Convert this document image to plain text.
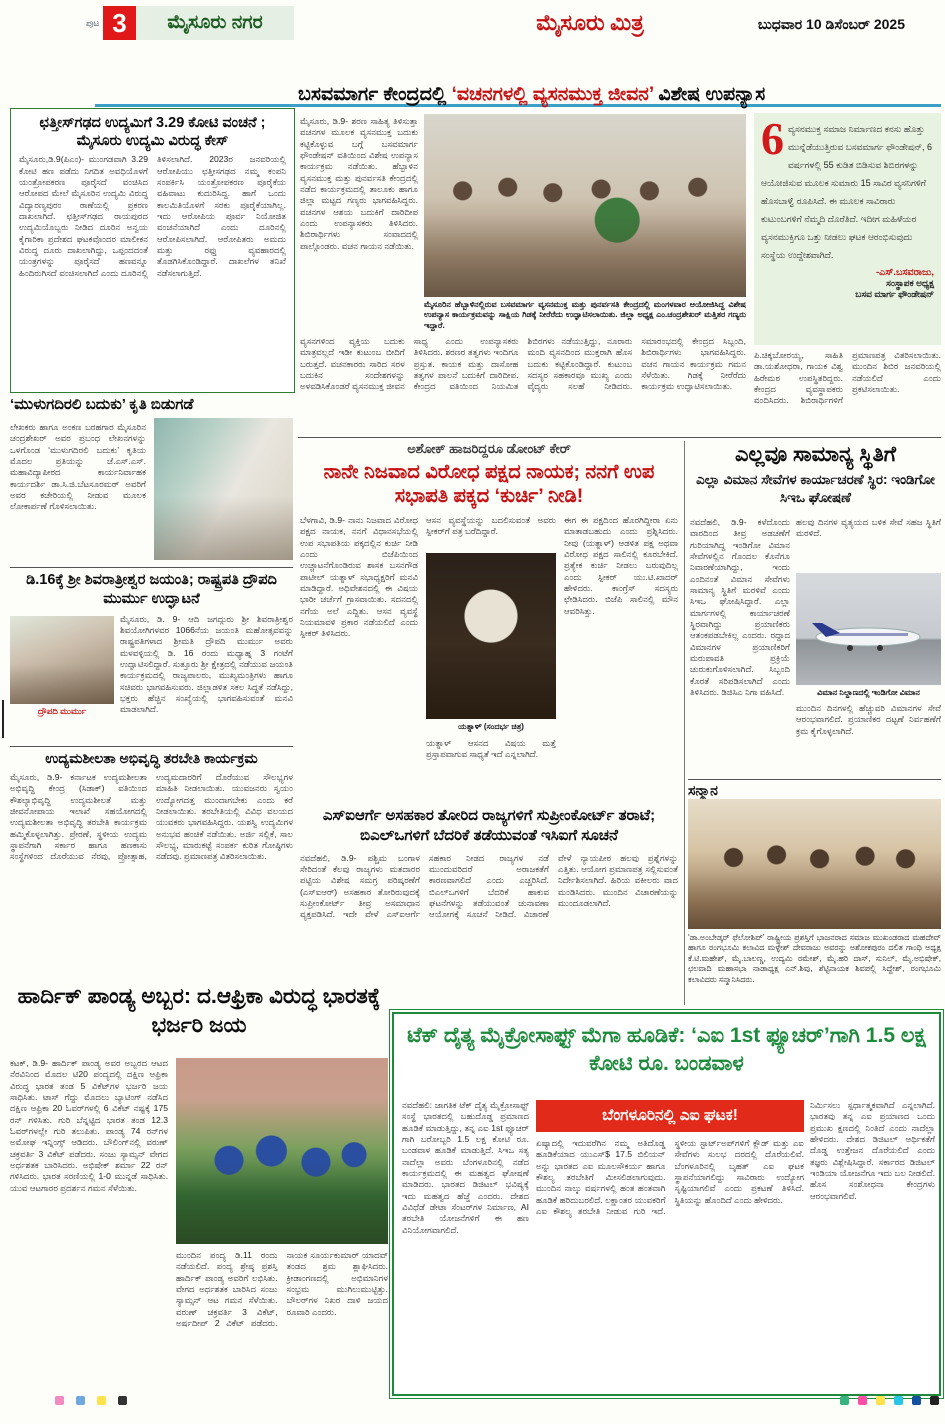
ಪುಟ 3	ಮೈಸೂರು ನಗರ	ಮೈಸೂರು ಮಿತ್ರ	ಬುಧವಾರ 10 ಡಿಸೆಂಬರ್ 2025
ಛತ್ತೀಸ್‌ಗಢದ ಉದ್ಯಮಿಗೆ 3.29 ಕೋಟಿ ವಂಚನೆ ; ಮೈಸೂರು ಉದ್ಯಮಿ ವಿರುದ್ಧ ಕೇಸ್
ಮೈಸೂರು,ಡಿ.9(ಪಿಎಂ)- ಮುಂಗಡವಾಗಿ 3.29 ಕೋಟಿ ಹಣ ಪಡೆದು ನಿಗದಿತ ಅವಧಿಯೊಳಗೆ ಯಂತ್ರೋಪಕರಣ ಪೂರೈಸದೆ ವಂಚಿಸಿದ ಆರೋಪದ ಮೇಲೆ ಮೈಸೂರಿನ ಉದ್ಯಮಿ ವಿರುದ್ಧ ವಿದ್ಯಾರಣ್ಯಪುರಂ ಠಾಣೆಯಲ್ಲಿ ಪ್ರಕರಣ ದಾಖಲಾಗಿದೆ. ಛತ್ತೀಸ್‌ಗಢದ ರಾಯಪುರದ ಉದ್ಯಮಿಯೊಬ್ಬರು ನೀಡಿದ ದೂರಿನ ಅನ್ವಯ ಕೈಗಾರಿಕಾ ಪ್ರದೇಶದ ಘಟಕವೊಂದರ ಮಾಲೀಕನ ವಿರುದ್ಧ ದೂರು ದಾಖಲಾಗಿದ್ದು, ಒಪ್ಪಂದದಂತೆ ಯಂತ್ರಗಳನ್ನು ಪೂರೈಸದೆ ಹಣವನ್ನೂ ಹಿಂದಿರುಗಿಸದೆ ವಂಚಿಸಲಾಗಿದೆ ಎಂದು ದೂರಿನಲ್ಲಿ ತಿಳಿಸಲಾಗಿದೆ. 2023ರ ಜನವರಿಯಲ್ಲಿ ಆರೋಪಿಯು ಛತ್ತೀಸಗಢದ ನಮ್ಮ ಕಂಪನಿ ಸಂಪರ್ಕಿಸಿ ಯಂತ್ರೋಪಕರಣ ಪೂರೈಕೆಯ ವಹಿವಾಟು ಕುದುರಿಸಿದ್ದ. ಹಾಗೆ ಒಂದು ಕಾಲಮಿತಿಯೊಳಗೆ ಸರಕು ಪೂರೈಕೆಯಾಗಿಲ್ಲ. ಇದು ಆರೋಪಿಯ ಪೂರ್ವ ನಿಯೋಜಿತ ವಂಚನೆಯಾಗಿದೆ ಎಂದು ದೂರಿನಲ್ಲಿ ಆರೋಪಿಸಲಾಗಿದೆ. ಆರೋಪಿತರು ಅಮದು ಮತ್ತು ರಫ್ತು ವ್ಯವಹಾರದಲ್ಲಿ ತೊಡಗಿಸಿಕೊಂಡಿದ್ದಾರೆ. ದಾಖಲೆಗಳ ತನಿಖೆ ನಡೆಸಲಾಗುತ್ತಿದೆ.
‘ಮುಳುಗದಿರಲಿ ಬದುಕು’ ಕೃತಿ ಬಿಡುಗಡೆ
ಲೇಖಕರು ಹಾಗೂ ಅಂಕಣ ಬರಹಗಾರ ಮೈಸೂರಿನ ಚಂದ್ರಶೇಖರ್ ಅವರ ಪ್ರಬಂಧ ಲೇಖನಗಳನ್ನು ಒಳಗೊಂಡ ‘ಮುಳುಗದಿರಲಿ ಬದುಕು’ ಕೃತಿಯ ಮೊದಲ ಪ್ರತಿಯನ್ನು ಜೆ.ಎಸ್.ಎಸ್. ಮಹಾವಿದ್ಯಾಪೀಠದ ಕಾರ್ಯನಿರ್ವಾಹಕ ಕಾರ್ಯದರ್ಶಿ ಡಾ.ಸಿ.ಜಿ.ಬೆಟಸೂರಮಠ್ ಅವರಿಗೆ ಅವರ ಕಚೇರಿಯಲ್ಲಿ ನೀಡುವ ಮೂಲಕ ಲೋಕಾರ್ಪಣೆ ಗೊಳಿಸಲಾಯಿತು.
ಡಿ.16ಕ್ಕೆ ಶ್ರೀ ಶಿವರಾತ್ರೀಶ್ವರ ಜಯಂತಿ; ರಾಷ್ಟ್ರಪತಿ ದ್ರೌಪದಿ ಮುರ್ಮು ಉದ್ಘಾಟನೆ
ದ್ರೌಪದಿ ಮುರ್ಮು
ಮೈಸೂರು, ಡಿ. 9- ಆದಿ ಜಗದ್ಗುರು ಶ್ರೀ ಶಿವರಾತ್ರೀಶ್ವರ ಶಿವಯೋಗಿಗಳವರ 1066ನೆಯ ಜಯಂತಿ ಮಹೋತ್ಸವವನ್ನು ರಾಷ್ಟ್ರಪತಿಗಳಾದ ಶ್ರೀಮತಿ ದ್ರೌಪದಿ ಮುರ್ಮು ಅವರು ಮಳವಳ್ಳಿಯಲ್ಲಿ ಡಿ. 16 ರಂದು ಮಧ್ಯಾಹ್ನ 3 ಗಂಟೆಗೆ ಉದ್ಘಾಟಿಸಲಿದ್ದಾರೆ. ಸುತ್ತೂರು ಶ್ರೀ ಕ್ಷೇತ್ರದಲ್ಲಿ ನಡೆಯುವ ಜಯಂತಿ ಕಾರ್ಯಕ್ರಮದಲ್ಲಿ ರಾಜ್ಯಪಾಲರು, ಮುಖ್ಯಮಂತ್ರಿಗಳು ಹಾಗೂ ಸಚಿವರು ಭಾಗವಹಿಸುವರು. ಜಿಲ್ಲಾಡಳಿತ ಸಕಲ ಸಿದ್ಧತೆ ನಡೆಸಿದ್ದು, ಭಕ್ತರು ಹೆಚ್ಚಿನ ಸಂಖ್ಯೆಯಲ್ಲಿ ಭಾಗವಹಿಸುವಂತೆ ಮನವಿ ಮಾಡಲಾಗಿದೆ.
ಉದ್ಯಮಶೀಲತಾ ಅಭಿವೃದ್ಧಿ ತರಬೇತಿ ಕಾರ್ಯಕ್ರಮ
ಮೈಸೂರು, ಡಿ.9- ಕರ್ನಾಟಕ ಉದ್ಯಮಶೀಲತಾ ಅಭಿವೃದ್ಧಿ ಕೇಂದ್ರ (ಸಿಡಾಕ್) ವತಿಯಿಂದ ಕೌಶಲ್ಯಾಭಿವೃದ್ಧಿ ಉದ್ಯಮಶೀಲತೆ ಮತ್ತು ಜೀವನೋಪಾಯ ಇಲಾಖೆ ಸಹಯೋಗದಲ್ಲಿ ಉದ್ಯಮಶೀಲತಾ ಅಭಿವೃದ್ಧಿ ತರಬೇತಿ ಕಾರ್ಯಕ್ರಮ ಹಮ್ಮಿಕೊಳ್ಳಲಾಗಿತ್ತು. ಪ್ರೇರಣೆ, ಸ್ಥಳೀಯ ಉದ್ಯಮ ಸ್ಥಾಪನೆಗಾಗಿ ಸರ್ಕಾರ ಹಾಗೂ ಹಣಕಾಸು ಸಂಸ್ಥೆಗಳಿಂದ ದೊರೆಯುವ ನೆರವು, ಪ್ರೋತ್ಸಾಹ, ಉದ್ಯಮದಾರರಿಗೆ ದೊರೆಯುವ ಸೌಲಭ್ಯಗಳ ಮಾಹಿತಿ ನೀಡಲಾಯಿತು. ಯುವಜನರು ಸ್ವಯಂ ಉದ್ಯೋಗದತ್ತ ಮುಂದಾಗಬೇಕು ಎಂದು ಕರೆ ನೀಡಲಾಯಿತು. ತರಬೇತಿಯಲ್ಲಿ ವಿವಿಧ ವಲಯದ ಯುವಕರು ಭಾಗವಹಿಸಿದ್ದರು. ಯಶಸ್ವಿ ಉದ್ಯಮಿಗಳ ಅನುಭವ ಹಂಚಿಕೆ ನಡೆಯಿತು. ಅರ್ಜಿ ಸಲ್ಲಿಕೆ, ಸಾಲ ಸೌಲಭ್ಯ, ಮಾರುಕಟ್ಟೆ ಸಂಪರ್ಕ ಕುರಿತ ಗೋಷ್ಠಿಗಳು ನಡೆದವು. ಪ್ರಮಾಣಪತ್ರ ವಿತರಿಸಲಾಯಿತು.
ಹಾರ್ದಿಕ್ ಪಾಂಡ್ಯ ಅಬ್ಬರ: ದ.ಆಫ್ರಿಕಾ ವಿರುದ್ಧ ಭಾರತಕ್ಕೆ ಭರ್ಜರಿ ಜಯ
ಕಟಕ್, ಡಿ.9- ಹಾರ್ದಿಕ್ ಪಾಂಡ್ಯ ಅವರ ಅಬ್ಬರದ ಆಟದ ನೆರವಿನಿಂದ ಮೊದಲ ಟಿ20 ಪಂದ್ಯದಲ್ಲಿ ದಕ್ಷಿಣ ಆಫ್ರಿಕಾ ವಿರುದ್ಧ ಭಾರತ ತಂಡ 5 ವಿಕೆಟ್‌ಗಳ ಭರ್ಜರಿ ಜಯ ಸಾಧಿಸಿತು. ಟಾಸ್ ಗೆದ್ದು ಮೊದಲು ಬ್ಯಾಟಿಂಗ್ ನಡೆಸಿದ ದಕ್ಷಿಣ ಆಫ್ರಿಕಾ 20 ಓವರ್‌ಗಳಲ್ಲಿ 6 ವಿಕೆಟ್ ನಷ್ಟಕ್ಕೆ 175 ರನ್ ಗಳಿಸಿತು. ಗುರಿ ಬೆನ್ನಟ್ಟಿದ ಭಾರತ ತಂಡ 12.3 ಓವರ್‌ಗಳಲ್ಲೇ ಗುರಿ ತಲುಪಿತು. ಪಾಂಡ್ಯ 74 ರನ್‌ಗಳ ಅಮೋಘ ಇನ್ನಿಂಗ್ಸ್ ಆಡಿದರು. ಬೌಲಿಂಗ್‌ನಲ್ಲಿ ವರುಣ್ ಚಕ್ರವರ್ತಿ 3 ವಿಕೆಟ್ ಪಡೆದರು. ಸಂಜು ಸ್ಯಾಮ್ಸನ್ ವೇಗದ ಅರ್ಧಶತಕ ಬಾರಿಸಿದರು. ಅಭಿಷೇಕ್ ಶರ್ಮಾ 22 ರನ್ ಗಳಿಸಿದರು. ಭಾರತ ಸರಣಿಯಲ್ಲಿ 1-0 ಮುನ್ನಡೆ ಸಾಧಿಸಿತು. ಯುವ ಆಟಗಾರರ ಪ್ರದರ್ಶನ ಗಮನ ಸೆಳೆಯಿತು.
ಮುಂದಿನ ಪಂದ್ಯ ಡಿ.11 ರಂದು ನಡೆಯಲಿದೆ. ಪಂದ್ಯ ಶ್ರೇಷ್ಠ ಪ್ರಶಸ್ತಿ ಹಾರ್ದಿಕ್ ಪಾಂಡ್ಯ ಅವರಿಗೆ ಲಭಿಸಿತು. ವೇಗದ ಅರ್ಧಶತಕ ಬಾರಿಸಿದ ಸಂಜು ಸ್ಯಾಮ್ಸನ್ ಆಟ ಗಮನ ಸೆಳೆಯಿತು. ವರುಣ್ ಚಕ್ರವರ್ತಿ 3 ವಿಕೆಟ್, ಅರ್ಷದೀಪ್ 2 ವಿಕೆಟ್ ಪಡೆದರು. ನಾಯಕ ಸೂರ್ಯಕುಮಾರ್ ಯಾದವ್ ತಂಡದ ಶ್ರಮ ಶ್ಲಾಘಿಸಿದರು. ಕ್ರೀಡಾಂಗಣದಲ್ಲಿ ಅಭಿಮಾನಿಗಳ ಸಂಭ್ರಮ ಮುಗಿಲುಮುಟ್ಟಿತ್ತು. ಬೌಲರ್‌ಗಳ ನಿಖರ ದಾಳಿ ಜಯದ ರೂವಾರಿ ಎಂದರು.
ಬಸವಮಾರ್ಗ ಕೇಂದ್ರದಲ್ಲಿ ‘ವಚನಗಳಲ್ಲಿ ವ್ಯಸನಮುಕ್ತ ಜೀವನ’ ವಿಶೇಷ ಉಪನ್ಯಾಸ
ಮೈಸೂರು, ಡಿ.9- ಶರಣ ಸಾಹಿತ್ಯ ತಿಳಿಸುತ್ತಾ ವಚನಗಳ ಮೂಲಕ ವ್ಯಸನಮುಕ್ತ ಬದುಕು ಕಟ್ಟಿಕೊಳ್ಳುವ ಬಗ್ಗೆ ಬಸವಮಾರ್ಗ ಫೌಂಡೇಷನ್ ವತಿಯಿಂದ ವಿಶೇಷ ಉಪನ್ಯಾಸ ಕಾರ್ಯಕ್ರಮ ನಡೆಯಿತು. ಹೆಬ್ಬಾಳಿನ ವ್ಯಸನಮುಕ್ತ ಮತ್ತು ಪುನರ್ವಸತಿ ಕೇಂದ್ರದಲ್ಲಿ ನಡೆದ ಕಾರ್ಯಕ್ರಮದಲ್ಲಿ ತಾಲೂಕು ಹಾಗೂ ಜಿಲ್ಲಾ ಮಟ್ಟದ ಗಣ್ಯರು ಭಾಗವಹಿಸಿದ್ದರು. ವಚನಗಳ ಆಶಯ ಬದುಕಿಗೆ ದಾರಿದೀಪ ಎಂದು ಉಪನ್ಯಾಸಕರು ತಿಳಿಸಿದರು. ಶಿಬಿರಾರ್ಥಿಗಳು ಸಂವಾದದಲ್ಲಿ ಪಾಲ್ಗೊಂಡರು. ವಚನ ಗಾಯನ ನಡೆಯಿತು.
ಮೈಸೂರಿನ ಹೆಬ್ಬಾಳಿನಲ್ಲಿರುವ ಬಸವಮಾರ್ಗ ವ್ಯಸನಮುಕ್ತ ಮತ್ತು ಪುನರ್ವಸತಿ ಕೇಂದ್ರದಲ್ಲಿ ಮಂಗಳವಾರ ಆಯೋಜಿಸಿದ್ದ ವಿಶೇಷ ಉಪನ್ಯಾಸ ಕಾರ್ಯಕ್ರಮವನ್ನು ಸಾಕ್ಷಿಯ ಗಿಡಕ್ಕೆ ನೀರೆರೆದು ಉದ್ಘಾಟಿಸಲಾಯಿತು. ಜಿಲ್ಲಾ ಅಧ್ಯಕ್ಷ ಎಂ.ಚಂದ್ರಶೇಖರ್ ಮತ್ತಿತರ ಗಣ್ಯರು ಇದ್ದಾರೆ.
ವ್ಯಸನಗಳಿಂದ ವ್ಯಕ್ತಿಯ ಬದುಕು ಮಾತ್ರವಲ್ಲದೆ ಇಡೀ ಕುಟುಂಬ ಬೀದಿಗೆ ಬರುತ್ತದೆ. ವಚನಕಾರರು ಸಾರಿದ ಸರಳ ಬದುಕಿನ ಸಂದೇಶಗಳನ್ನು ಅಳವಡಿಸಿಕೊಂಡರೆ ವ್ಯಸನಮುಕ್ತ ಜೀವನ ಸಾಧ್ಯ ಎಂದು ಉಪನ್ಯಾಸಕರು ತಿಳಿಸಿದರು. ಶರಣರ ತತ್ವಗಳು ಇಂದಿಗೂ ಪ್ರಸ್ತುತ. ಕಾಯಕ ಮತ್ತು ದಾಸೋಹ ತತ್ವಗಳ ಪಾಲನೆ ಬದುಕಿಗೆ ದಾರಿದೀಪ. ಕೇಂದ್ರದ ವತಿಯಿಂದ ನಿಯಮಿತ ಶಿಬಿರಗಳು ನಡೆಯುತ್ತಿದ್ದು, ನೂರಾರು ಮಂದಿ ವ್ಯಸನದಿಂದ ಮುಕ್ತರಾಗಿ ಹೊಸ ಬದುಕು ಕಟ್ಟಿಕೊಂಡಿದ್ದಾರೆ. ಕುಟುಂಬ ಸದಸ್ಯರ ಸಹಕಾರವೂ ಮುಖ್ಯ ಎಂದು ವೈದ್ಯರು ಸಲಹೆ ನೀಡಿದರು. ಸಮಾರಂಭದಲ್ಲಿ ಕೇಂದ್ರದ ಸಿಬ್ಬಂದಿ, ಶಿಬಿರಾರ್ಥಿಗಳು ಭಾಗವಹಿಸಿದ್ದರು. ವಚನ ಗಾಯನ ಕಾರ್ಯಕ್ರಮ ಗಮನ ಸೆಳೆಯಿತು. ಗಿಡಕ್ಕೆ ನೀರೆರೆದು ಕಾರ್ಯಕ್ರಮ ಉದ್ಘಾಟಿಸಲಾಯಿತು.
6 ವ್ಯಸನಮುಕ್ತ ಸಮಾಜ ನಿರ್ಮಾಣದ ಕನಸು ಹೊತ್ತು ಮುನ್ನೆಡೆಯುತ್ತಿರುವ ಬಸವಮಾರ್ಗ ಫೌಂಡೇಷನ್, 6 ವರ್ಷಗಳಲ್ಲಿ 55 ಕುಡಿತ ಬಿಡಿಸುವ ಶಿಬಿರಗಳನ್ನು ಆಯೋಜಿಸುವ ಮೂಲಕ ಸುಮಾರು 15 ಸಾವಿರ ವ್ಯಸನಿಗಳಿಗೆ ಹೊಸಬಾಳ್ವೆ ರೂಪಿಸಿದೆ. ಈ ಮೂಲಕ ಸಾವಿರಾರು ಕುಟುಂಬಗಳಿಗೆ ನೆಮ್ಮದಿ ದೊರೆತಿದೆ. ಇದೀಗ ಮಹಿಳೆಯರ ವ್ಯಸನಮುಕ್ತಿಗೂ ಒತ್ತು ನೀಡಲು ಘಟಕ ಆರಂಭಿಸುವುದು ಸಂಸ್ಥೆಯ ಉದ್ದೇಶವಾಗಿದೆ.
-ಎಸ್.ಬಸವರಾಜು,
ಸಂಸ್ಥಾಪಕ ಅಧ್ಯಕ್ಷ
ಬಸವ ಮಾರ್ಗ ಫೌಂಡೇಷನ್
ಪಿ.ಚಿಕ್ಕಬೋರಯ್ಯ, ಸಾಹಿತಿ ಡಾ.ಯಶೋಧರಾ, ಗಾಯಕ ವಿಶ್ವ ಹಿರೇಮಠ ಉಪಸ್ಥಿತರಿದ್ದರು. ಕೇಂದ್ರದ ವ್ಯವಸ್ಥಾಪಕರು ವಂದಿಸಿದರು. ಶಿಬಿರಾರ್ಥಿಗಳಿಗೆ ಪ್ರಮಾಣಪತ್ರ ವಿತರಿಸಲಾಯಿತು. ಮುಂದಿನ ಶಿಬಿರ ಜನವರಿಯಲ್ಲಿ ನಡೆಯಲಿದೆ ಎಂದು ಪ್ರಕಟಿಸಲಾಯಿತು.
ಅಶೋಕ್ ಹಾಜರಿದ್ದರೂ ಡೋಂಟ್ ಕೇರ್
ನಾನೇ ನಿಜವಾದ ವಿರೋಧ ಪಕ್ಷದ ನಾಯಕ; ನನಗೆ ಉಪ ಸಭಾಪತಿ ಪಕ್ಕದ ‘ಕುರ್ಚಿ’ ನೀಡಿ!
ಬೆಳಗಾವಿ, ಡಿ.9- ನಾನು ನಿಜವಾದ ವಿರೋಧ ಪಕ್ಷದ ನಾಯಕ, ನನಗೆ ವಿಧಾನಸಭೆಯಲ್ಲಿ ಉಪ ಸಭಾಪತಿಯ ಪಕ್ಕದಲ್ಲಿನ ಕುರ್ಚಿ ನೀಡಿ ಎಂದು ಬಿಜೆಪಿಯಿಂದ ಉಚ್ಚಾಟನೆಗೊಂಡಿರುವ ಶಾಸಕ ಬಸನಗೌಡ ಪಾಟೀಲ್ ಯತ್ನಾಳ್ ಸಭಾಧ್ಯಕ್ಷರಿಗೆ ಮನವಿ ಮಾಡಿದ್ದಾರೆ. ಅಧಿವೇಶನದಲ್ಲಿ ಈ ವಿಷಯ ಭಾರೀ ಚರ್ಚೆಗೆ ಗ್ರಾಸವಾಯಿತು. ಸದನದಲ್ಲಿ ನಗೆಯ ಅಲೆ ಎದ್ದಿತು. ಆಸನ ವ್ಯವಸ್ಥೆ ನಿಯಮಾವಳಿ ಪ್ರಕಾರ ನಡೆಯಲಿದೆ ಎಂದು ಸ್ಪೀಕರ್ ತಿಳಿಸಿದರು.
ಆಸನ ವ್ಯವಸ್ಥೆಯನ್ನು ಬದಲಿಸುವಂತೆ ಅವರು ಸ್ಪೀಕರ್‌ಗೆ ಪತ್ರ ಬರೆದಿದ್ದಾರೆ.
ಯತ್ನಾಳ್ (ಸಂದರ್ಭ ಚಿತ್ರ)
ಯತ್ನಾಳ್ ಆಸನದ ವಿಷಯ ಮತ್ತೆ ಪ್ರಸ್ತಾಪವಾಗುವ ಸಾಧ್ಯತೆ ಇದೆ ಎನ್ನಲಾಗಿದೆ.
ಈಗ ಈ ಪಕ್ಷದಿಂದ ಹೊರಗಿದ್ದೀರಾ ಏನು ಮಾತಾಡಬಹುದು ಎಂದು ಪ್ರಶ್ನಿಸಿದರು. ನೀವು (ಯತ್ನಾಳ್) ಆಡಳಿತ ಪಕ್ಷ ಅಥವಾ ವಿರೋಧ ಪಕ್ಷದ ಸಾಲಿನಲ್ಲಿ ಕೂರಬೇಕಿದೆ. ಪ್ರತ್ಯೇಕ ಕುರ್ಚಿ ನೀಡಲು ಬರುವುದಿಲ್ಲ ಎಂದು ಸ್ಪೀಕರ್ ಯು.ಟಿ.ಖಾದರ್ ಹೇಳಿದರು. ಕಾಂಗ್ರೆಸ್ ಸದಸ್ಯರು ಛೇಡಿಸಿದರು. ಬಿಜೆಪಿ ಸಾಲಿನಲ್ಲಿ ಮೌನ ಆವರಿಸಿತ್ತು.
ಎಲ್ಲವೂ ಸಾಮಾನ್ಯ ಸ್ಥಿತಿಗೆ
ಎಲ್ಲಾ ವಿಮಾನ ಸೇವೆಗಳ ಕಾರ್ಯಾಚರಣೆ ಸ್ಥಿರ: ಇಂಡಿಗೋ ಸಿಇಒ ಘೋಷಣೆ
ನವದೆಹಲಿ, ಡಿ.9- ಕಳೆದೊಂದು ವಾರದಿಂದ ತೀವ್ರ ಅಡಚಣೆಗೆ ಗುರಿಯಾಗಿದ್ದ ಇಂಡಿಗೋ ವಿಮಾನ ಸೇವೆಗಳಲ್ಲಿನ ಗೊಂದಲ ಕೊನೆಗೂ ನಿವಾರಣೆಯಾಗಿದ್ದು, ಇಂದು ಎಂದಿನಂತೆ ವಿಮಾನ ಸೇವೆಗಳು ಸಾಮಾನ್ಯ ಸ್ಥಿತಿಗೆ ಮರಳಿವೆ ಎಂದು ಸಿಇಒ ಘೋಷಿಸಿದ್ದಾರೆ. ಎಲ್ಲಾ ಮಾರ್ಗಗಳಲ್ಲಿ ಕಾರ್ಯಾಚರಣೆ ಸ್ಥಿರವಾಗಿದ್ದು ಪ್ರಯಾಣಿಕರು ಆತಂಕಪಡಬೇಕಿಲ್ಲ ಎಂದರು. ರದ್ದಾದ ವಿಮಾನಗಳ ಪ್ರಯಾಣಿಕರಿಗೆ ಮರುಪಾವತಿ ಪ್ರಕ್ರಿಯೆ ಚುರುಕುಗೊಳಿಸಲಾಗಿದೆ. ಸಿಬ್ಬಂದಿ ಕೊರತೆ ಸರಿಪಡಿಸಲಾಗಿದೆ ಎಂದು ತಿಳಿಸಿದರು. ಡಿಜಿಸಿಎ ನಿಗಾ ವಹಿಸಿದೆ.
ಹಲವು ದಿನಗಳ ವ್ಯತ್ಯಯದ ಬಳಿಕ ಸೇವೆ ಸಹಜ ಸ್ಥಿತಿಗೆ ಮರಳಿದೆ.
ವಿಮಾನ ನಿಲ್ದಾಣದಲ್ಲಿ ಇಂಡಿಗೋ ವಿಮಾನ
ಮುಂದಿನ ದಿನಗಳಲ್ಲಿ ಹೆಚ್ಚುವರಿ ವಿಮಾನಗಳ ಸೇವೆ ಆರಂಭವಾಗಲಿದೆ. ಪ್ರಯಾಣಿಕರ ದಟ್ಟಣೆ ನಿರ್ವಹಣೆಗೆ ಕ್ರಮ ಕೈಗೊಳ್ಳಲಾಗಿದೆ.
ಸನ್ಮಾನ
‘ಡಾ.ಅಂಬೇಡ್ಕರ್ ಫೆಲೋಶಿಪ್’ ರಾಷ್ಟ್ರೀಯ ಪ್ರಶಸ್ತಿಗೆ ಭಾಜನರಾದ ಸಮಾಜ ಮುಖಂಡರಾದ ಮಹದೇವ್ ಹಾಗೂ ರಂಗಭೂಮಿ ಕಲಾವಿದ ಮಳ್ಳೇಶ್ ದೇವರಾಜು ಅವರನ್ನು ಅಶೋಕಪುರಂ ದಲಿತ ಗಾಂಧಿ ಅಧ್ಯಕ್ಷ ಕೆ.ಟಿ.ಮಹೇಶ್, ಮೈ.ಬಾಲಣ್ಣ, ಉದ್ಯಮಿ ರಮೇಶ್, ಮೈ.ಹರಿ ದಾಸ್, ಸುನಿಲ್, ಮೈ.ಅಭಿಷೇಕ್, ಛಲವಾದಿ ಮಹಾಸಭಾ ನಾಡಾಧ್ಯಕ್ಷ ಎನ್.ಶಿವು, ಶೆಟ್ಟಿನಾಯಕ ಶಿವಪಲ್ಲಿ ಸಿದ್ದೇಶ್, ರಂಗಭೂಮಿ ಕಲಾವಿದರು ಸನ್ಮಾನಿಸಿದರು.
ಎಸ್ಐಆರ್ಗೆ ಅಸಹಕಾರ ತೋರಿದ ರಾಜ್ಯಗಳಿಗೆ ಸುಪ್ರೀಂಕೋರ್ಟ್ ತರಾಟೆ; ಬಿಎಲ್ಒಗಳಿಗೆ ಬೆದರಿಕೆ ತಡೆಯುವಂತೆ ಇಸಿಐಗೆ ಸೂಚನೆ
ನವದೆಹಲಿ, ಡಿ.9- ಪಶ್ಚಿಮ ಬಂಗಾಳ ಸೇರಿದಂತೆ ಕೆಲವು ರಾಜ್ಯಗಳು ಮತದಾರರ ಪಟ್ಟಿಯ ವಿಶೇಷ ಸಮಗ್ರ ಪರಿಷ್ಕರಣೆಗೆ (ಎಸ್ಐಆರ್) ಅಸಹಕಾರ ತೋರಿರುವುದಕ್ಕೆ ಸುಪ್ರೀಂಕೋರ್ಟ್ ತೀವ್ರ ಅಸಮಾಧಾನ ವ್ಯಕ್ತಪಡಿಸಿದೆ. ಇದೇ ವೇಳೆ ಎಸ್ಐಆರ್ಗೆ ಸಹಕಾರ ನೀಡದ ರಾಜ್ಯಗಳ ನಡೆ ಮುಂದುವರಿದರೆ ಅರಾಜಕತೆಗೆ ಕಾರಣವಾಗಲಿದೆ ಎಂದು ಎಚ್ಚರಿಸಿದೆ. ಬಿಎಲ್ಒಗಳಿಗೆ ಬೆದರಿಕೆ ಹಾಕುವ ಘಟನೆಗಳನ್ನು ತಡೆಯುವಂತೆ ಚುನಾವಣಾ ಆಯೋಗಕ್ಕೆ ಸೂಚನೆ ನೀಡಿದೆ. ವಿಚಾರಣೆ ವೇಳೆ ನ್ಯಾಯಪೀಠ ಹಲವು ಪ್ರಶ್ನೆಗಳನ್ನು ಎತ್ತಿತು. ಆಯೋಗ ಪ್ರಮಾಣಪತ್ರ ಸಲ್ಲಿಸುವಂತೆ ನಿರ್ದೇಶಿಸಲಾಗಿದೆ. ಹಿರಿಯ ವಕೀಲರು ವಾದ ಮಂಡಿಸಿದರು. ಮುಂದಿನ ವಿಚಾರಣೆಯನ್ನು ಮುಂದೂಡಲಾಗಿದೆ.
ಟೆಕ್ ದೈತ್ಯ ಮೈಕ್ರೋಸಾಫ್ಟ್ ಮೆಗಾ ಹೂಡಿಕೆ: ‘ಎಐ 1st ಫ್ಯೂಚರ್’ಗಾಗಿ 1.5 ಲಕ್ಷ ಕೋಟಿ ರೂ. ಬಂಡವಾಳ
ನವದೆಹಲಿ: ಜಾಗತಿಕ ಟೆಕ್ ದೈತ್ಯ ಮೈಕ್ರೋಸಾಫ್ಟ್ ಸಂಸ್ಥೆ ಭಾರತದಲ್ಲಿ ಬಹುದೊಡ್ಡ ಪ್ರಮಾಣದ ಹೂಡಿಕೆ ಮಾಡುತ್ತಿದ್ದು, ತನ್ನ ಎಐ 1st ಫ್ಯೂಚರ್ ಗಾಗಿ ಬರೋಬ್ಬರಿ 1.5 ಲಕ್ಷ ಕೋಟಿ ರೂ. ಬಂಡವಾಳ ಹೂಡಿಕೆ ಮಾಡುತ್ತಿದೆ. ಸಿಇಒ ಸತ್ಯ ನಾದೆಲ್ಲಾ ಅವರು ಬೆಂಗಳೂರಿನಲ್ಲಿ ನಡೆದ ಕಾರ್ಯಕ್ರಮದಲ್ಲಿ ಈ ಮಹತ್ವದ ಘೋಷಣೆ ಮಾಡಿದರು. ಭಾರತದ ಡಿಜಿಟಲ್ ಭವಿಷ್ಯಕ್ಕೆ ಇದು ಮಹತ್ವದ ಹೆಜ್ಜೆ ಎಂದರು. ದೇಶದ ವಿವಿಧೆಡೆ ಡೇಟಾ ಸೆಂಟರ್‌ಗಳ ನಿರ್ಮಾಣ, AI ತರಬೇತಿ ಯೋಜನೆಗಳಿಗೆ ಈ ಹಣ ವಿನಿಯೋಗವಾಗಲಿದೆ.
ಬೆಂಗಳೂರಿನಲ್ಲಿ ಎಐ ಘಟಕ!
ಏಷ್ಯಾದಲ್ಲಿ ಇದುವರೆಗಿನ ನಮ್ಮ ಅತಿದೊಡ್ಡ ಹೂಡಿಕೆಯಾದ ಯುಎಸ್$ 17.5 ಬಿಲಿಯನ್ ಅನ್ನು ಭಾರತದ ಎಐ ಮೂಲಸೌಕರ್ಯ ಹಾಗೂ ಕೌಶಲ್ಯ ತರಬೇತಿಗೆ ಮೀಸಲಿಡಲಾಗುವುದು. ಮುಂದಿನ ನಾಲ್ಕು ವರ್ಷಗಳಲ್ಲಿ ಹಂತ ಹಂತವಾಗಿ ಹೂಡಿಕೆ ಹರಿದುಬರಲಿದೆ. ಲಕ್ಷಾಂತರ ಯುವಕರಿಗೆ ಎಐ ಕೌಶಲ್ಯ ತರಬೇತಿ ನೀಡುವ ಗುರಿ ಇದೆ. ಸ್ಥಳೀಯ ಸ್ಟಾರ್ಟ್‌ಅಪ್‌ಗಳಿಗೆ ಕ್ಲೌಡ್ ಮತ್ತು ಎಐ ಸೇವೆಗಳು ಸುಲಭ ದರದಲ್ಲಿ ದೊರೆಯಲಿವೆ. ಬೆಂಗಳೂರಿನಲ್ಲಿ ಬೃಹತ್ ಎಐ ಘಟಕ ಸ್ಥಾಪನೆಯಾಗಲಿದ್ದು ಸಾವಿರಾರು ಉದ್ಯೋಗ ಸೃಷ್ಟಿಯಾಗಲಿವೆ ಎಂದು ಪ್ರಕಟಣೆ ತಿಳಿಸಿದೆ. ಸ್ಥಿತಿಯನ್ನು ಹೊಂದಿದೆ ಎಂದು ಹೇಳಿದರು.
ನಿರ್ಮಿಸಲು ಸ್ಪರ್ಧಾತ್ಮಕವಾಗಿದೆ ಎನ್ನಲಾಗಿದೆ. ಭಾರತವು ತನ್ನ ಎಐ ಪ್ರಯಾಣದ ಒಂದು ಪ್ರಮುಖ ಕ್ಷಣದಲ್ಲಿ ನಿಂತಿದೆ ಎಂದು ನಾದೆಲ್ಲಾ ಹೇಳಿದರು. ದೇಶದ ಡಿಜಿಟಲ್ ಆರ್ಥಿಕತೆಗೆ ದೊಡ್ಡ ಉತ್ತೇಜನ ದೊರೆಯಲಿದೆ ಎಂದು ತಜ್ಞರು ವಿಶ್ಲೇಷಿಸಿದ್ದಾರೆ. ಸರ್ಕಾರದ ಡಿಜಿಟಲ್ ಇಂಡಿಯಾ ಯೋಜನೆಗೂ ಇದು ಬಲ ನೀಡಲಿದೆ. ಹೊಸ ಸಂಶೋಧನಾ ಕೇಂದ್ರಗಳು ಆರಂಭವಾಗಲಿವೆ.
